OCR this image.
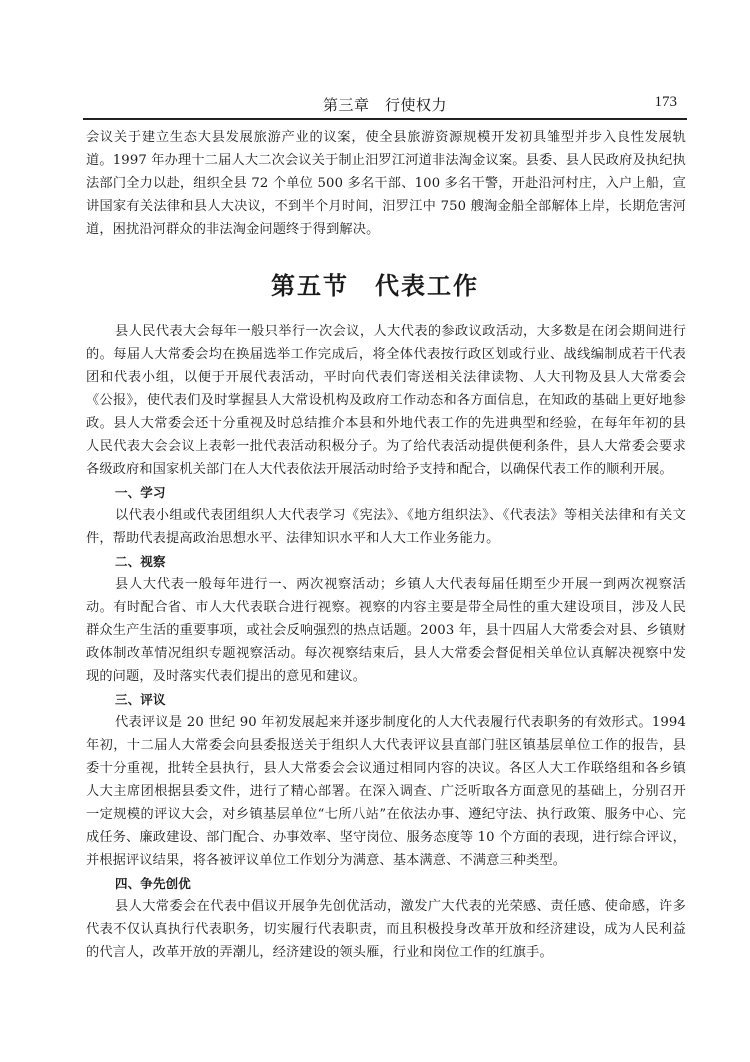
第三章　行使权力	173

会议关于建立生态大县发展旅游产业的议案，使全县旅游资源规模开发初具雏型并步入良性发展轨道。1997 年办理十二届人大二次会议关于制止汨罗江河道非法淘金议案。县委、县人民政府及执纪执法部门全力以赴，组织全县 72 个单位 500 多名干部、100 多名干警，开赴沿河村庄，入户上船，宣讲国家有关法律和县人大决议，不到半个月时间，汨罗江中 750 艘淘金船全部解体上岸，长期危害河道，困扰沿河群众的非法淘金问题终于得到解决。

第五节 代表工作

县人民代表大会每年一般只举行一次会议，人大代表的参政议政活动，大多数是在闭会期间进行的。每届人大常委会均在换届选举工作完成后，将全体代表按行政区划或行业、战线编制成若干代表团和代表小组，以便于开展代表活动，平时向代表们寄送相关法律读物、人大刊物及县人大常委会《公报》，使代表们及时掌握县人大常设机构及政府工作动态和各方面信息，在知政的基础上更好地参政。县人大常委会还十分重视及时总结推介本县和外地代表工作的先进典型和经验，在每年年初的县人民代表大会会议上表彰一批代表活动积极分子。为了给代表活动提供便利条件，县人大常委会要求各级政府和国家机关部门在人大代表依法开展活动时给予支持和配合，以确保代表工作的顺利开展。

一、学习

以代表小组或代表团组织人大代表学习《宪法》、《地方组织法》、《代表法》等相关法律和有关文件，帮助代表提高政治思想水平、法律知识水平和人大工作业务能力。

二、视察

县人大代表一般每年进行一、两次视察活动；乡镇人大代表每届任期至少开展一到两次视察活动。有时配合省、市人大代表联合进行视察。视察的内容主要是带全局性的重大建设项目，涉及人民群众生产生活的重要事项，或社会反响强烈的热点话题。2003 年，县十四届人大常委会对县、乡镇财政体制改革情况组织专题视察活动。每次视察结束后，县人大常委会督促相关单位认真解决视察中发现的问题，及时落实代表们提出的意见和建议。

三、评议

代表评议是 20 世纪 90 年初发展起来并逐步制度化的人大代表履行代表职务的有效形式。1994 年初，十二届人大常委会向县委报送关于组织人大代表评议县直部门驻区镇基层单位工作的报告，县委十分重视，批转全县执行，县人大常委会会议通过相同内容的决议。各区人大工作联络组和各乡镇人大主席团根据县委文件，进行了精心部署。在深入调查、广泛听取各方面意见的基础上，分别召开一定规模的评议大会，对乡镇基层单位“七所八站”在依法办事、遵纪守法、执行政策、服务中心、完成任务、廉政建设、部门配合、办事效率、坚守岗位、服务态度等 10 个方面的表现，进行综合评议，并根据评议结果，将各被评议单位工作划分为满意、基本满意、不满意三种类型。

四、争先创优

县人大常委会在代表中倡议开展争先创优活动，激发广大代表的光荣感、责任感、使命感，许多代表不仅认真执行代表职务，切实履行代表职责，而且积极投身改革开放和经济建设，成为人民利益的代言人，改革开放的弄潮儿，经济建设的领头雁，行业和岗位工作的红旗手。
